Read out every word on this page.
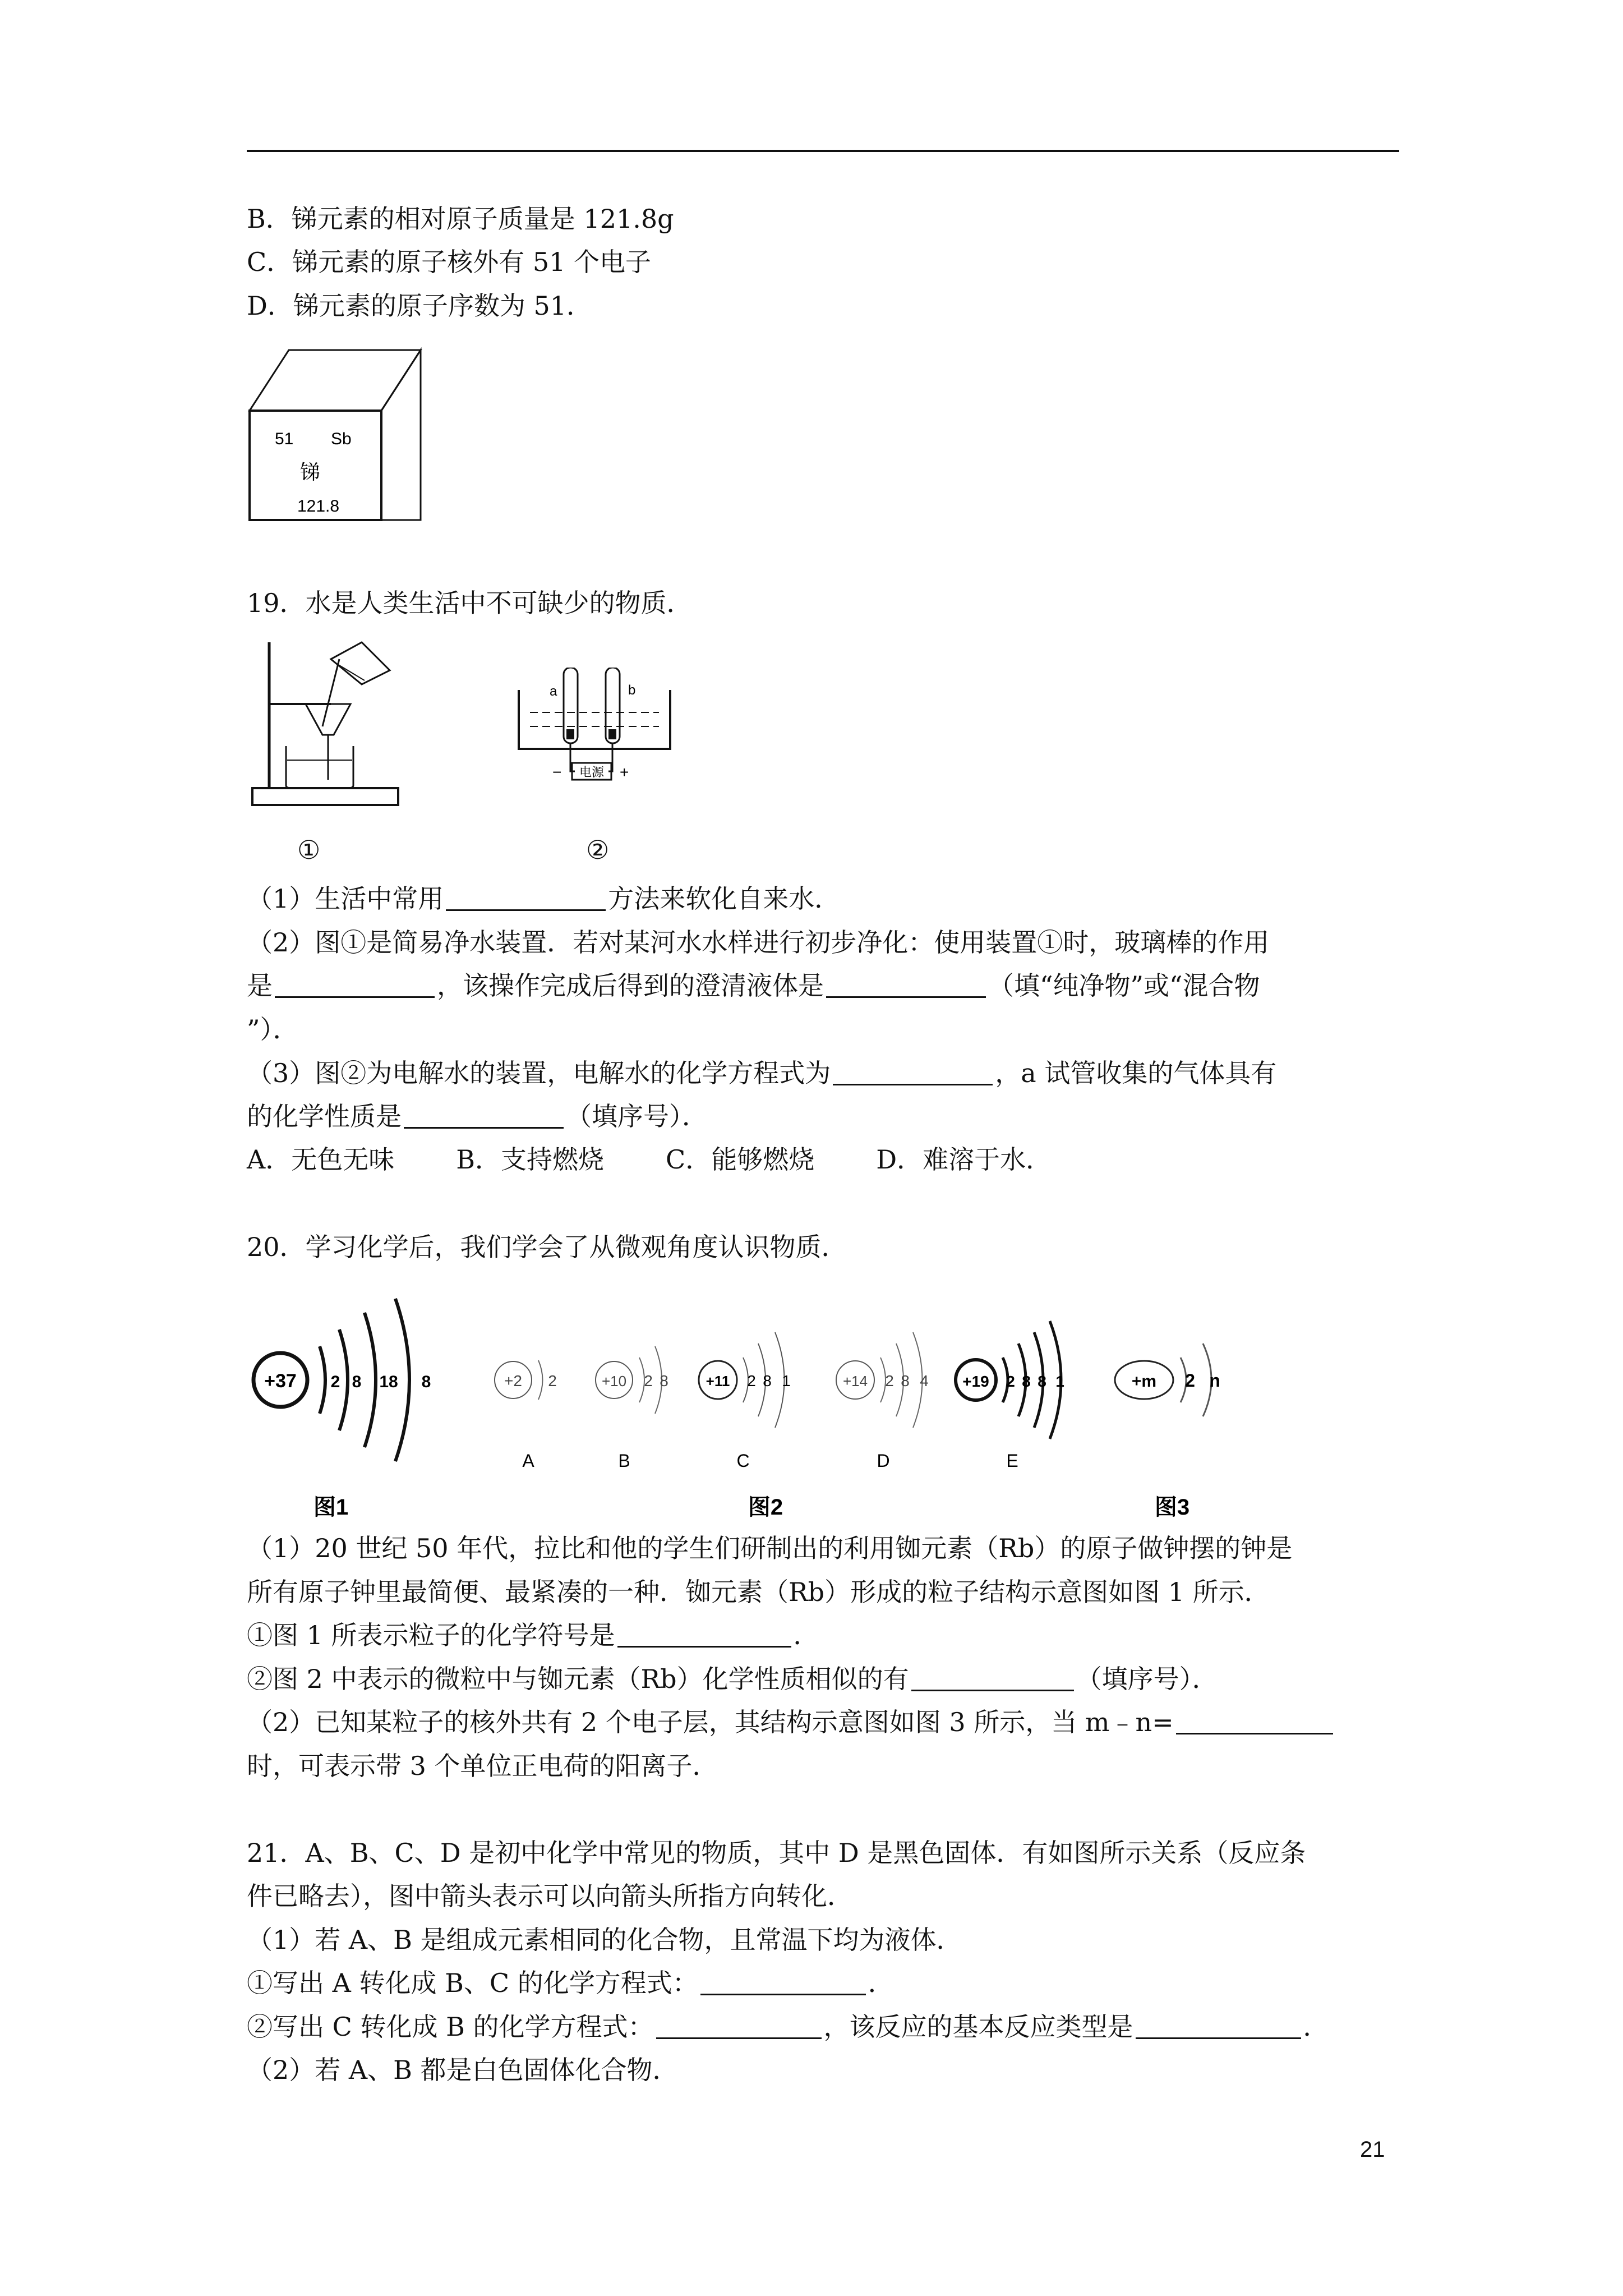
B．锑元素的相对原子质量是 121.8g
C．锑元素的原子核外有 51 个电子
D．锑元素的原子序数为 51．
51 Sb
锑
121.8
19．水是人类生活中不可缺少的物质．
①
a	b
电源
−	+
②
（1）生活中常用	方法来软化自来水．
（2）图①是简易净水装置．若对某河水水样进行初步净化：使用装置①时，玻璃棒的作用
是	，该操作完成后得到的澄清液体是	（填“纯净物”或“混合物
”）．
（3）图②为电解水的装置，电解水的化学方程式为	，a 试管收集的气体具有
的化学性质是	（填序号）．
A．无色无味 B．支持燃烧 C．能够燃烧 D．难溶于水．
20．学习化学后，我们学会了从微观角度认识物质．
+37 2 8 18 8
图1
+2 2
A
+10 2 8
B
+11 2 8 1
C
+14 2 8 4
D
+19 2 8 8 1
E
图2
+m 2 n
图3
（1）20 世纪 50 年代，拉比和他的学生们研制出的利用铷元素（Rb）的原子做钟摆的钟是
所有原子钟里最简便、最紧凑的一种．铷元素（Rb）形成的粒子结构示意图如图 1 所示．
①图 1 所表示粒子的化学符号是	．
②图 2 中表示的微粒中与铷元素（Rb）化学性质相似的有	（填序号）．
（2）已知某粒子的核外共有 2 个电子层，其结构示意图如图 3 所示，当 m﹣n=
时，可表示带 3 个单位正电荷的阳离子．
21．A、B、C、D 是初中化学中常见的物质，其中 D 是黑色固体．有如图所示关系（反应条
件已略去），图中箭头表示可以向箭头所指方向转化．
（1）若 A、B 是组成元素相同的化合物，且常温下均为液体．
①写出 A 转化成 B、C 的化学方程式：	．
②写出 C 转化成 B 的化学方程式：	，该反应的基本反应类型是	．
（2）若 A、B 都是白色固体化合物．
21
